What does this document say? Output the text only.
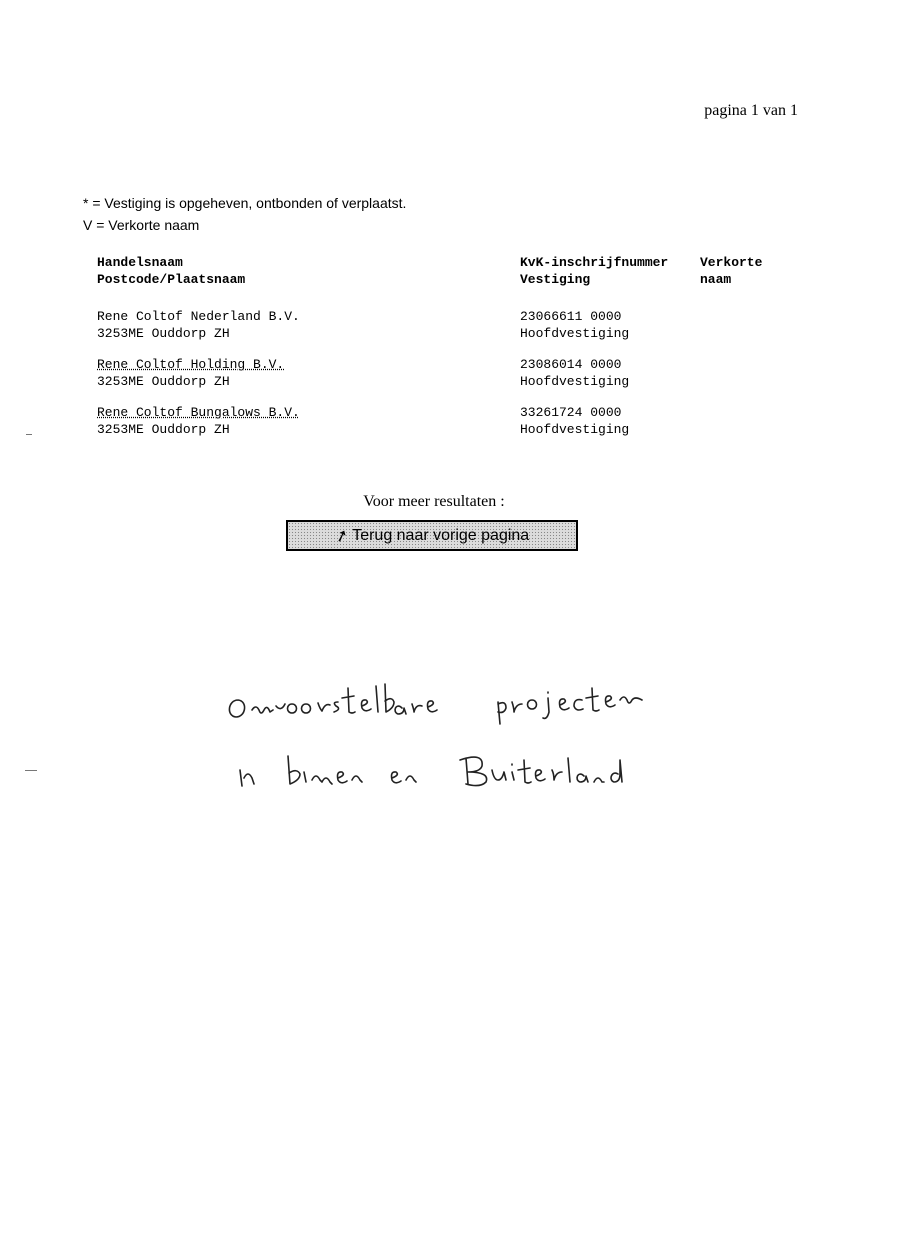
pagina 1 van 1
* = Vestiging is opgeheven, ontbonden of verplaatst.
V = Verkorte naam
Handelsnaam
Postcode/Plaatsnaam
KvK-inschrijfnummer
Vestiging
Verkorte
naam
Rene Coltof Nederland B.V.
3253ME Ouddorp ZH
23066611 0000
Hoofdvestiging
Rene Coltof Holding B.V.
3253ME Ouddorp ZH
23086014 0000
Hoofdvestiging
Rene Coltof Bungalows B.V.
3253ME Ouddorp ZH
33261724 0000
Hoofdvestiging
Voor meer resultaten :
➚ Terug naar vorige pagina
